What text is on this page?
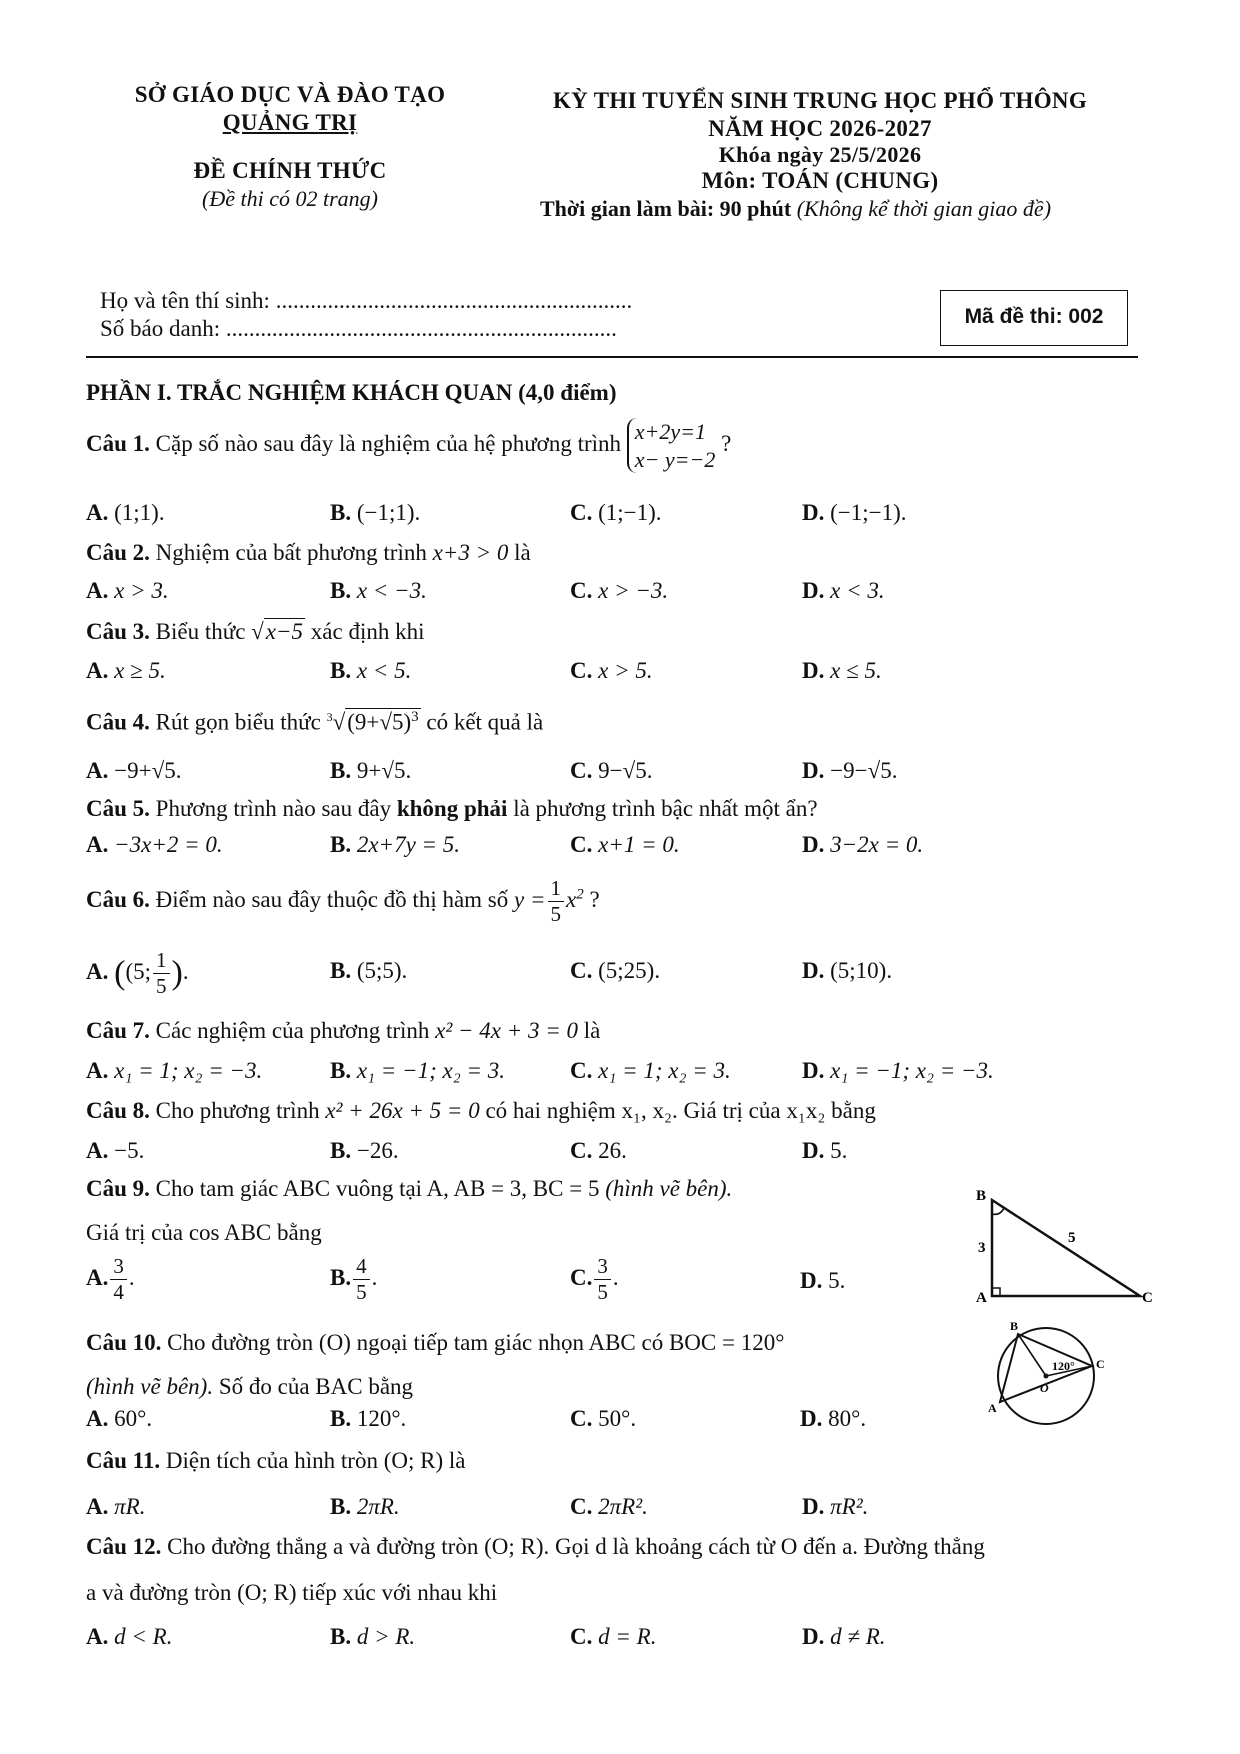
SỞ GIÁO DỤC VÀ ĐÀO TẠO
QUẢNG TRỊ
ĐỀ CHÍNH THỨC
(Đề thi có 02 trang)
KỲ THI TUYỂN SINH TRUNG HỌC PHỔ THÔNG
NĂM HỌC 2026-2027
Khóa ngày 25/5/2026
Môn: TOÁN (CHUNG)
Thời gian làm bài: 90 phút (Không kể thời gian giao đề)
Họ và tên thí sinh: ..............................................................
Số báo danh: ....................................................................	Mã đề thi: 002
PHẦN I. TRẮC NGHIỆM KHÁCH QUAN (4,0 điểm)
Câu 1. Cặp số nào sau đây là nghiệm của hệ phương trình x+2y=1
x− y=−2 ?
A. (1;1).	B. (−1;1).	C. (1;−1).	D. (−1;−1).
Câu 2. Nghiệm của bất phương trình x+3 > 0 là
A. x > 3.	B. x < −3.	C. x > −3.	D. x < 3.
Câu 3. Biểu thức √x−5 xác định khi
A. x ≥ 5.	B. x < 5.	C. x > 5.	D. x ≤ 5.
Câu 4. Rút gọn biểu thức $^3√(9+√5)^3$ có kết quả là
A. −9+√5.	B. 9+√5.	C. 9−√5.	D. −9−√5.
Câu 5. Phương trình nào sau đây không phải là phương trình bậc nhất một ẩn?
A. −3x+2 = 0.	B. 2x+7y = 5.	C. x+1 = 0.	D. 3−2x = 0.
Câu 6. Điểm nào sau đây thuộc đồ thị hàm số $y = \frac{1}{5} x^2$ ?
A. ((5; $\frac{1}{5}$ ).	B. (5;5).	C. (5;25).	D. (5;10).
Câu 7. Các nghiệm của phương trình x² − 4x + 3 = 0 là
A. x₁ = 1; x₂ = −3.	B. x₁ = −1; x₂ = 3.	C. x₁ = 1; x₂ = 3.	D. x₁ = −1; x₂ = −3.
Câu 8. Cho phương trình x² + 26x + 5 = 0 có hai nghiệm x₁, x₂. Giá trị của x₁x₂ bằng
A. −5.	B. −26.	C. 26.	D. 5.
Câu 9. Cho tam giác ABC vuông tại A, AB = 3, BC = 5 (hình vẽ bên).
Giá trị của cos ABC bằng
A. $\frac{3}{4}$ .	B. $\frac{4}{5}$ .	C. $\frac{3}{5}$ .	D. 5.
B
A	C
3
5
Câu 10. Cho đường tròn (O) ngoại tiếp tam giác nhọn ABC có BOC = 120°
(hình vẽ bên). Số đo của BAC bằng
A. 60°.	B. 120°.	C. 50°.	D. 80°.
120°
B
O
C
A
Câu 11. Diện tích của hình tròn (O; R) là
A. πR.	B. 2πR.	C. 2πR².	D. πR².
Câu 12. Cho đường thẳng a và đường tròn (O; R). Gọi d là khoảng cách từ O đến a. Đường thẳng
a và đường tròn (O; R) tiếp xúc với nhau khi
A. d < R.	B. d > R.	C. d = R.	D. d ≠ R.
